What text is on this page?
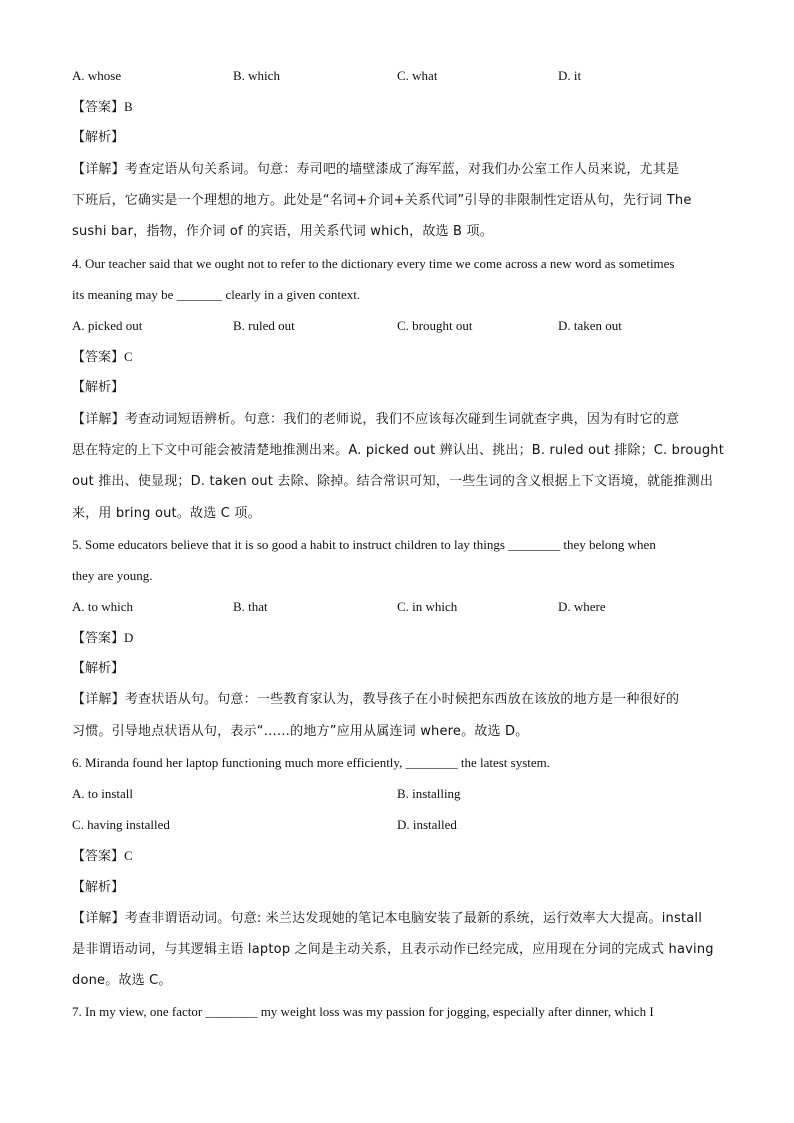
A. whose	B. which	C. what	D. it
【答案】B
【解析】
【详解】考查定语从句关系词。句意：寿司吧的墙壁漆成了海军蓝，对我们办公室工作人员来说，尤其是
下班后，它确实是一个理想的地方。此处是“名词+介词+关系代词”引导的非限制性定语从句，先行词 The
sushi bar，指物，作介词 of 的宾语，用关系代词 which，故选 B 项。
4. Our teacher said that we ought not to refer to the dictionary every time we come across a new word as sometimes
its meaning may be _______ clearly in a given context.
A. picked out	B. ruled out	C. brought out	D. taken out
【答案】C
【解析】
【详解】考查动词短语辨析。句意：我们的老师说，我们不应该每次碰到生词就查字典，因为有时它的意
思在特定的上下文中可能会被清楚地推测出来。A. picked out 辨认出、挑出；B. ruled out 排除；C. brought
out 推出、使显现；D. taken out 去除、除掉。结合常识可知，一些生词的含义根据上下文语境，就能推测出
来，用 bring out。故选 C 项。
5. Some educators believe that it is so good a habit to instruct children to lay things ________ they belong when
they are young.
A. to which	B. that	C. in which	D. where
【答案】D
【解析】
【详解】考查状语从句。句意：一些教育家认为，教导孩子在小时候把东西放在该放的地方是一种很好的
习惯。引导地点状语从句，表示“……的地方”应用从属连词 where。故选 D。
6. Miranda found her laptop functioning much more efficiently, ________ the latest system.
A. to install	B. installing
C. having installed	D. installed
【答案】C
【解析】
【详解】考查非谓语动词。句意: 米兰达发现她的笔记本电脑安装了最新的系统，运行效率大大提高。install
是非谓语动词，与其逻辑主语 laptop 之间是主动关系，且表示动作已经完成，应用现在分词的完成式 having
done。故选 C。
7. In my view, one factor ________ my weight loss was my passion for jogging, especially after dinner, which I
